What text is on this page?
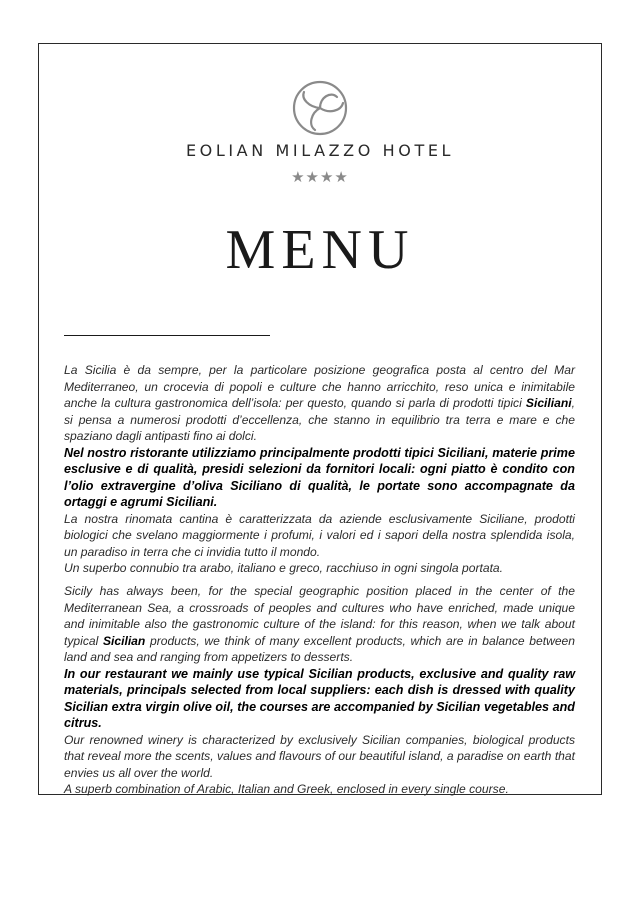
EOLIAN MILAZZO HOTEL
★★★★
MENU

La Sicilia è da sempre, per la particolare posizione geografica posta al centro del Mar Mediterraneo, un crocevia di popoli e culture che hanno arricchito, reso unica e inimitabile anche la cultura gastronomica dell’isola: per questo, quando si parla di prodotti tipici Siciliani, si pensa a numerosi prodotti d’eccellenza, che stanno in equilibrio tra terra e mare e che spaziano dagli antipasti fino ai dolci.

Nel nostro ristorante utilizziamo principalmente prodotti tipici Siciliani, materie prime esclusive e di qualità, presidi selezioni da fornitori locali: ogni piatto è condito con l’olio extravergine d’oliva Siciliano di qualità, le portate sono accompagnate da ortaggi e agrumi Siciliani.

La nostra rinomata cantina è caratterizzata da aziende esclusivamente Siciliane, prodotti biologici che svelano maggiormente i profumi, i valori ed i sapori della nostra splendida isola, un paradiso in terra che ci invidia tutto il mondo.

Un superbo connubio tra arabo, italiano e greco, racchiuso in ogni singola portata.

Sicily has always been, for the special geographic position placed in the center of the Mediterranean Sea, a crossroads of peoples and cultures who have enriched, made unique and inimitable also the gastronomic culture of the island: for this reason, when we talk about typical Sicilian products, we think of many excellent products, which are in balance between land and sea and ranging from appetizers to desserts.

In our restaurant we mainly use typical Sicilian products, exclusive and quality raw materials, principals selected from local suppliers: each dish is dressed with quality Sicilian extra virgin olive oil, the courses are accompanied by Sicilian vegetables and citrus.

Our renowned winery is characterized by exclusively Sicilian companies, biological products that reveal more the scents, values and flavours of our beautiful island, a paradise on earth that envies us all over the world.

A superb combination of Arabic, Italian and Greek, enclosed in every single course.
